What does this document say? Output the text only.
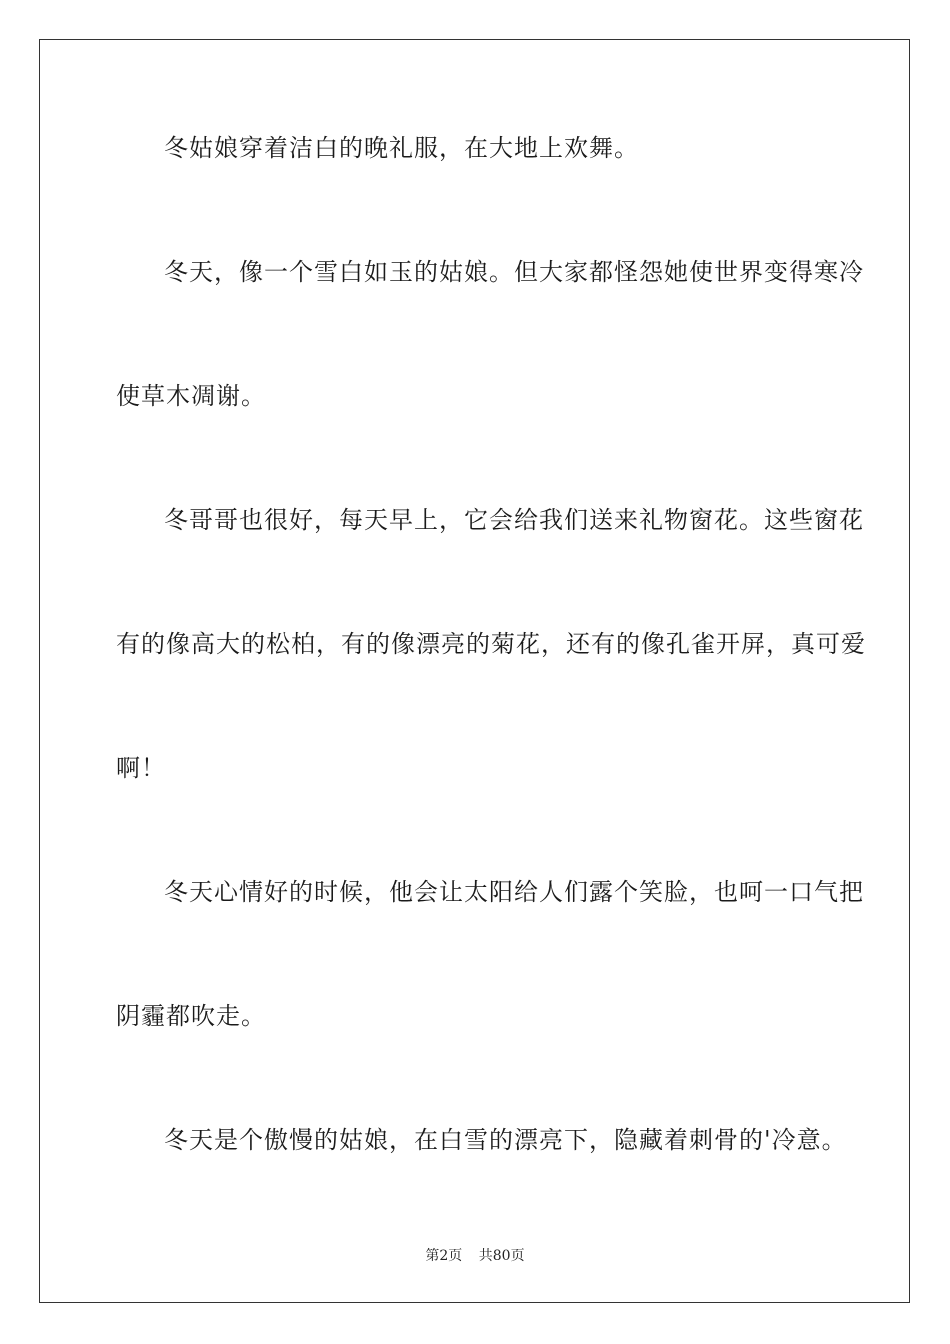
冬姑娘穿着洁白的晚礼服，在大地上欢舞。
冬天，像一个雪白如玉的姑娘。但大家都怪怨她使世界变得寒冷
使草木凋谢。
冬哥哥也很好，每天早上，它会给我们送来礼物窗花。这些窗花
有的像高大的松柏，有的像漂亮的菊花，还有的像孔雀开屏，真可爱
啊！
冬天心情好的时候，他会让太阳给人们露个笑脸，也呵一口气把
阴霾都吹走。
冬天是个傲慢的姑娘，在白雪的漂亮下，隐藏着刺骨的'冷意。
第2页 共80页
